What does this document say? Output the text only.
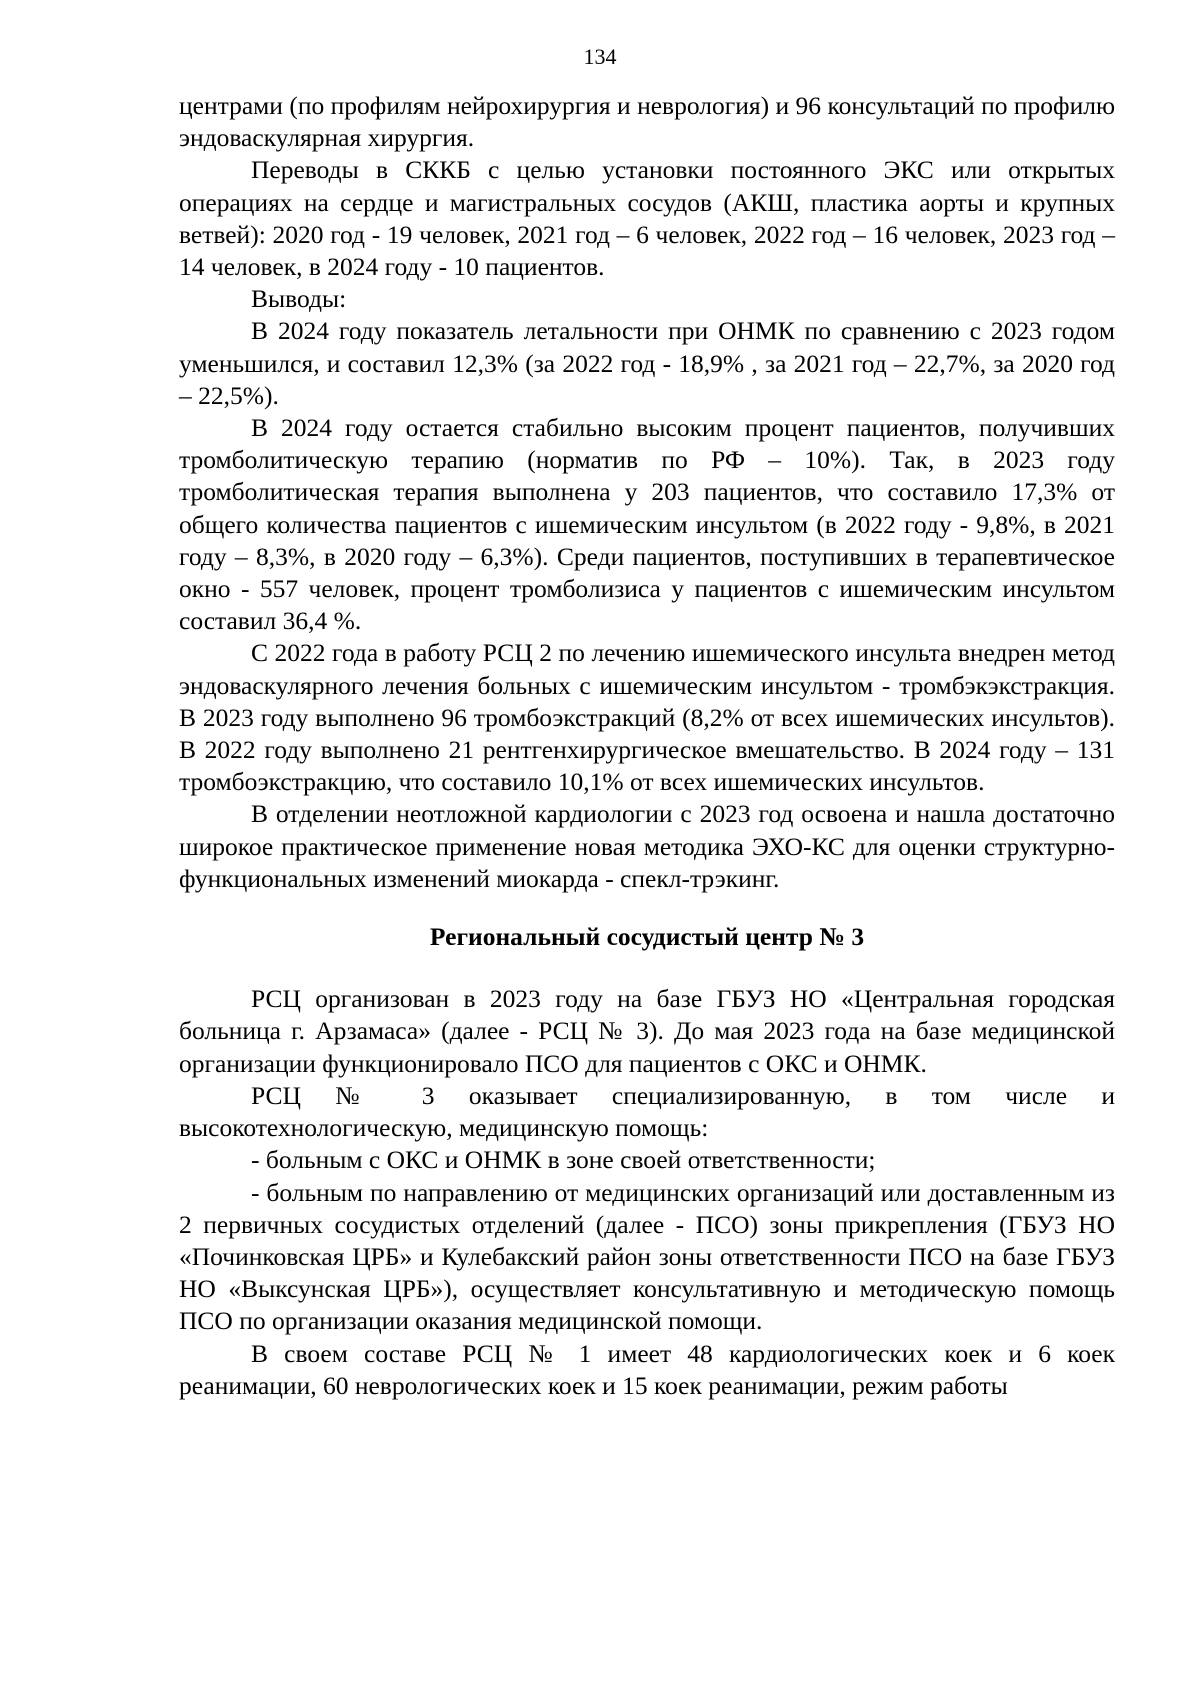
134

центрами (по профилям нейрохирургия и неврология) и 96 консультаций по профилю эндоваскулярная хирургия.

Переводы в СККБ с целью установки постоянного ЭКС или открытых операциях на сердце и магистральных сосудов (АКШ, пластика аорты и крупных ветвей): 2020 год - 19 человек, 2021 год – 6 человек, 2022 год – 16 человек, 2023 год – 14 человек, в 2024 году - 10 пациентов.

Выводы:

В 2024 году показатель летальности при ОНМК по сравнению с 2023 годом уменьшился, и составил 12,3% (за 2022 год - 18,9% , за 2021 год – 22,7%, за 2020 год – 22,5%).

В 2024 году остается стабильно высоким процент пациентов, получивших тромболитическую терапию (норматив по РФ – 10%). Так, в 2023 году тромболитическая терапия выполнена у 203 пациентов, что составило 17,3% от общего количества пациентов с ишемическим инсультом (в 2022 году - 9,8%, в 2021 году – 8,3%, в 2020 году – 6,3%). Среди пациентов, поступивших в терапевтическое окно - 557 человек, процент тромболизиса у пациентов с ишемическим инсультом составил 36,4 %.

С 2022 года в работу РСЦ 2 по лечению ишемического инсульта внедрен метод эндоваскулярного лечения больных с ишемическим инсультом - тромбэкэкстракция. В 2023 году выполнено 96 тромбоэкстракций (8,2% от всех ишемических инсультов). В 2022 году выполнено 21 рентгенхирургическое вмешательство. В 2024 году – 131 тромбоэкстракцию, что составило 10,1% от всех ишемических инсультов.

В отделении неотложной кардиологии с 2023 год освоена и нашла достаточно широкое практическое применение новая методика ЭХО-КС для оценки структурно-функциональных изменений миокарда - спекл-трэкинг.

Региональный сосудистый центр № 3

РСЦ организован в 2023 году на базе ГБУЗ НО «Центральная городская больница г. Арзамаса» (далее - РСЦ № 3). До мая 2023 года на базе медицинской организации функционировало ПСО для пациентов с ОКС и ОНМК.

РСЦ № 3 оказывает специализированную, в том числе и высокотехнологическую, медицинскую помощь:

- больным с ОКС и ОНМК в зоне своей ответственности;

- больным по направлению от медицинских организаций или доставленным из 2 первичных сосудистых отделений (далее - ПСО) зоны прикрепления (ГБУЗ НО «Починковская ЦРБ» и Кулебакский район зоны ответственности ПСО на базе ГБУЗ НО «Выксунская ЦРБ»), осуществляет консультативную и методическую помощь ПСО по организации оказания медицинской помощи.

В своем составе РСЦ № 1 имеет 48 кардиологических коек и 6 коек реанимации, 60 неврологических коек и 15 коек реанимации, режим работы
